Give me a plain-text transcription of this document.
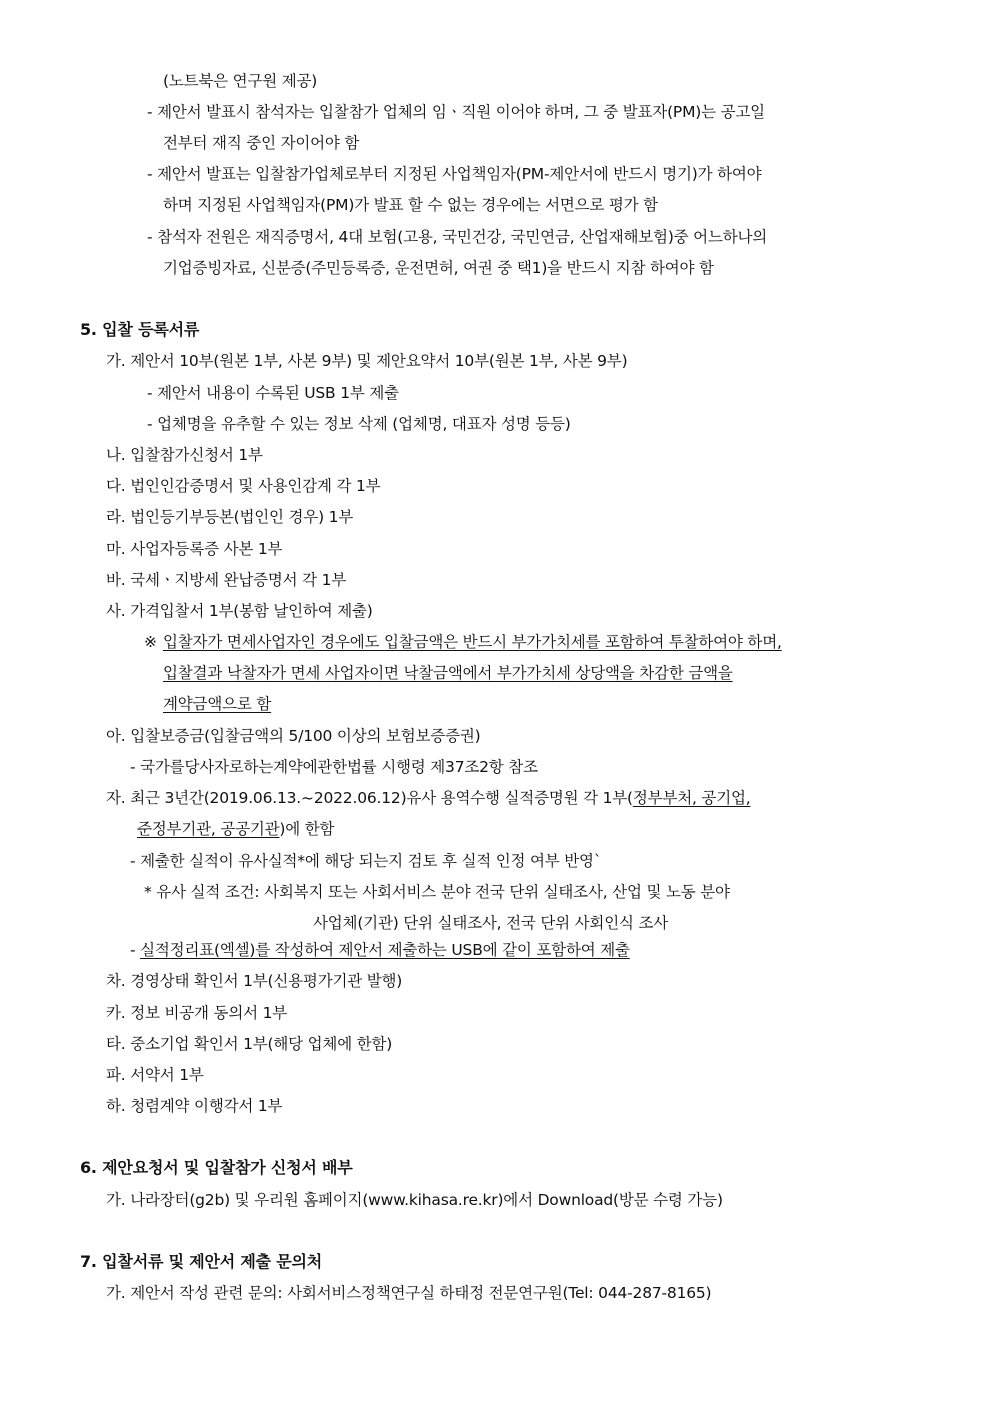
(노트북은 연구원 제공)
- 제안서 발표시 참석자는 입찰참가 업체의 임ㆍ직원 이어야 하며, 그 중 발표자(PM)는 공고일
전부터 재직 중인 자이어야 함
- 제안서 발표는 입찰참가업체로부터 지정된 사업책임자(PM-제안서에 반드시 명기)가 하여야
하며 지정된 사업책임자(PM)가 발표 할 수 없는 경우에는 서면으로 평가 함
- 참석자 전원은 재직증명서, 4대 보험(고용, 국민건강, 국민연금, 산업재해보험)중 어느하나의
기업증빙자료, 신분증(주민등록증, 운전면허, 여권 중 택1)을 반드시 지참 하여야 함
5. 입찰 등록서류
가. 제안서 10부(원본 1부, 사본 9부) 및 제안요약서 10부(원본 1부, 사본 9부)
- 제안서 내용이 수록된 USB 1부 제출
- 업체명을 유추할 수 있는 정보 삭제 (업체명, 대표자 성명 등등)
나. 입찰참가신청서 1부
다. 법인인감증명서 및 사용인감계 각 1부
라. 법인등기부등본(법인인 경우) 1부
마. 사업자등록증 사본 1부
바. 국세ㆍ지방세 완납증명서 각 1부
사. 가격입찰서 1부(봉함 날인하여 제출)
※ 입찰자가 면세사업자인 경우에도 입찰금액은 반드시 부가가치세를 포함하여 투찰하여야 하며,
입찰결과 낙찰자가 면세 사업자이면 낙찰금액에서 부가가치세 상당액을 차감한 금액을
계약금액으로 함
아. 입찰보증금(입찰금액의 5/100 이상의 보험보증증권)
- 국가를당사자로하는계약에관한법률 시행령 제37조2항 참조
자. 최근 3년간(2019.06.13.~2022.06.12)유사 용역수행 실적증명원 각 1부(정부부처, 공기업,
준정부기관, 공공기관)에 한함
- 제출한 실적이 유사실적*에 해당 되는지 검토 후 실적 인정 여부 반영`
* 유사 실적 조건: 사회복지 또는 사회서비스 분야 전국 단위 실태조사, 산업 및 노동 분야
사업체(기관) 단위 실태조사, 전국 단위 사회인식 조사
- 실적정리표(엑셀)를 작성하여 제안서 제출하는 USB에 같이 포함하여 제출
차. 경영상태 확인서 1부(신용평가기관 발행)
카. 정보 비공개 동의서 1부
타. 중소기업 확인서 1부(해당 업체에 한함)
파. 서약서 1부
하. 청렴계약 이행각서 1부
6. 제안요청서 및 입찰참가 신청서 배부
가. 나라장터(g2b) 및 우리원 홈페이지(www.kihasa.re.kr)에서 Download(방문 수령 가능)
7. 입찰서류 및 제안서 제출 문의처
가. 제안서 작성 관련 문의: 사회서비스정책연구실 하태정 전문연구원(Tel: 044-287-8165)
